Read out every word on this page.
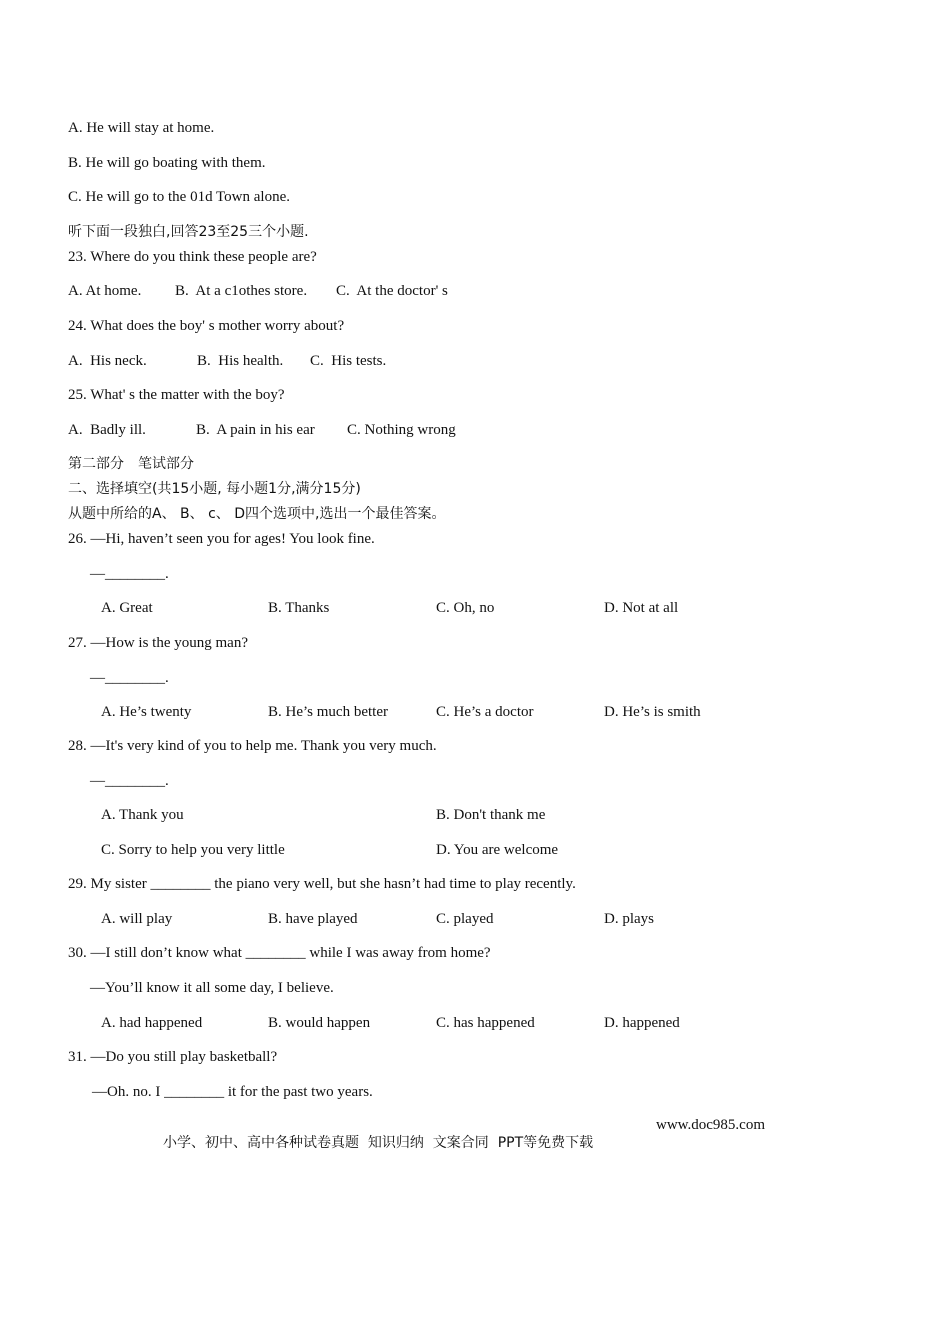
A. He will stay at home.
B. He will go boating with them.
C. He will go to the 01d Town alone.
听下面一段独白,回答23至25三个小题.
23. Where do you think these people are?
A. At home. B.  At a c1othes store. C.  At the doctor' s
24. What does the boy' s mother worry about?
A.  His neck.	B.  His health. C.  His tests.
25. What' s the matter with the boy?
A.  Badly ill.	B.  A pain in his ear C. Nothing wrong
第二部分　笔试部分
二、选择填空(共15小题, 每小题1分,满分15分)
从题中所给的A、 B、 c、 D四个选项中,选出一个最佳答案。
26. —Hi, haven’t seen you for ages! You look fine.
—________.
A. Great	B. Thanks	C. Oh, no	D. Not at all
27. —How is the young man?
—________.
A. He’s twenty	B. He’s much better	C. He’s a doctor	D. He’s is smith
28. —It's very kind of you to help me. Thank you very much.
—________.
A. Thank you	B. Don't thank me
C. Sorry to help you very little	D. You are welcome
29. My sister ________ the piano very well, but she hasn’t had time to play recently.
A. will play	B. have played	C. played	D. plays
30. —I still don’t know what ________ while I was away from home?
—You’ll know it all some day, I believe.
A. had happened	B. would happen	C. has happened	D. happened
31. —Do you still play basketball?
—Oh. no. I ________ it for the past two years.

小学、初中、高中各种试卷真题  知识归纳  文案合同  PPT等免费下载

www.doc985.com
